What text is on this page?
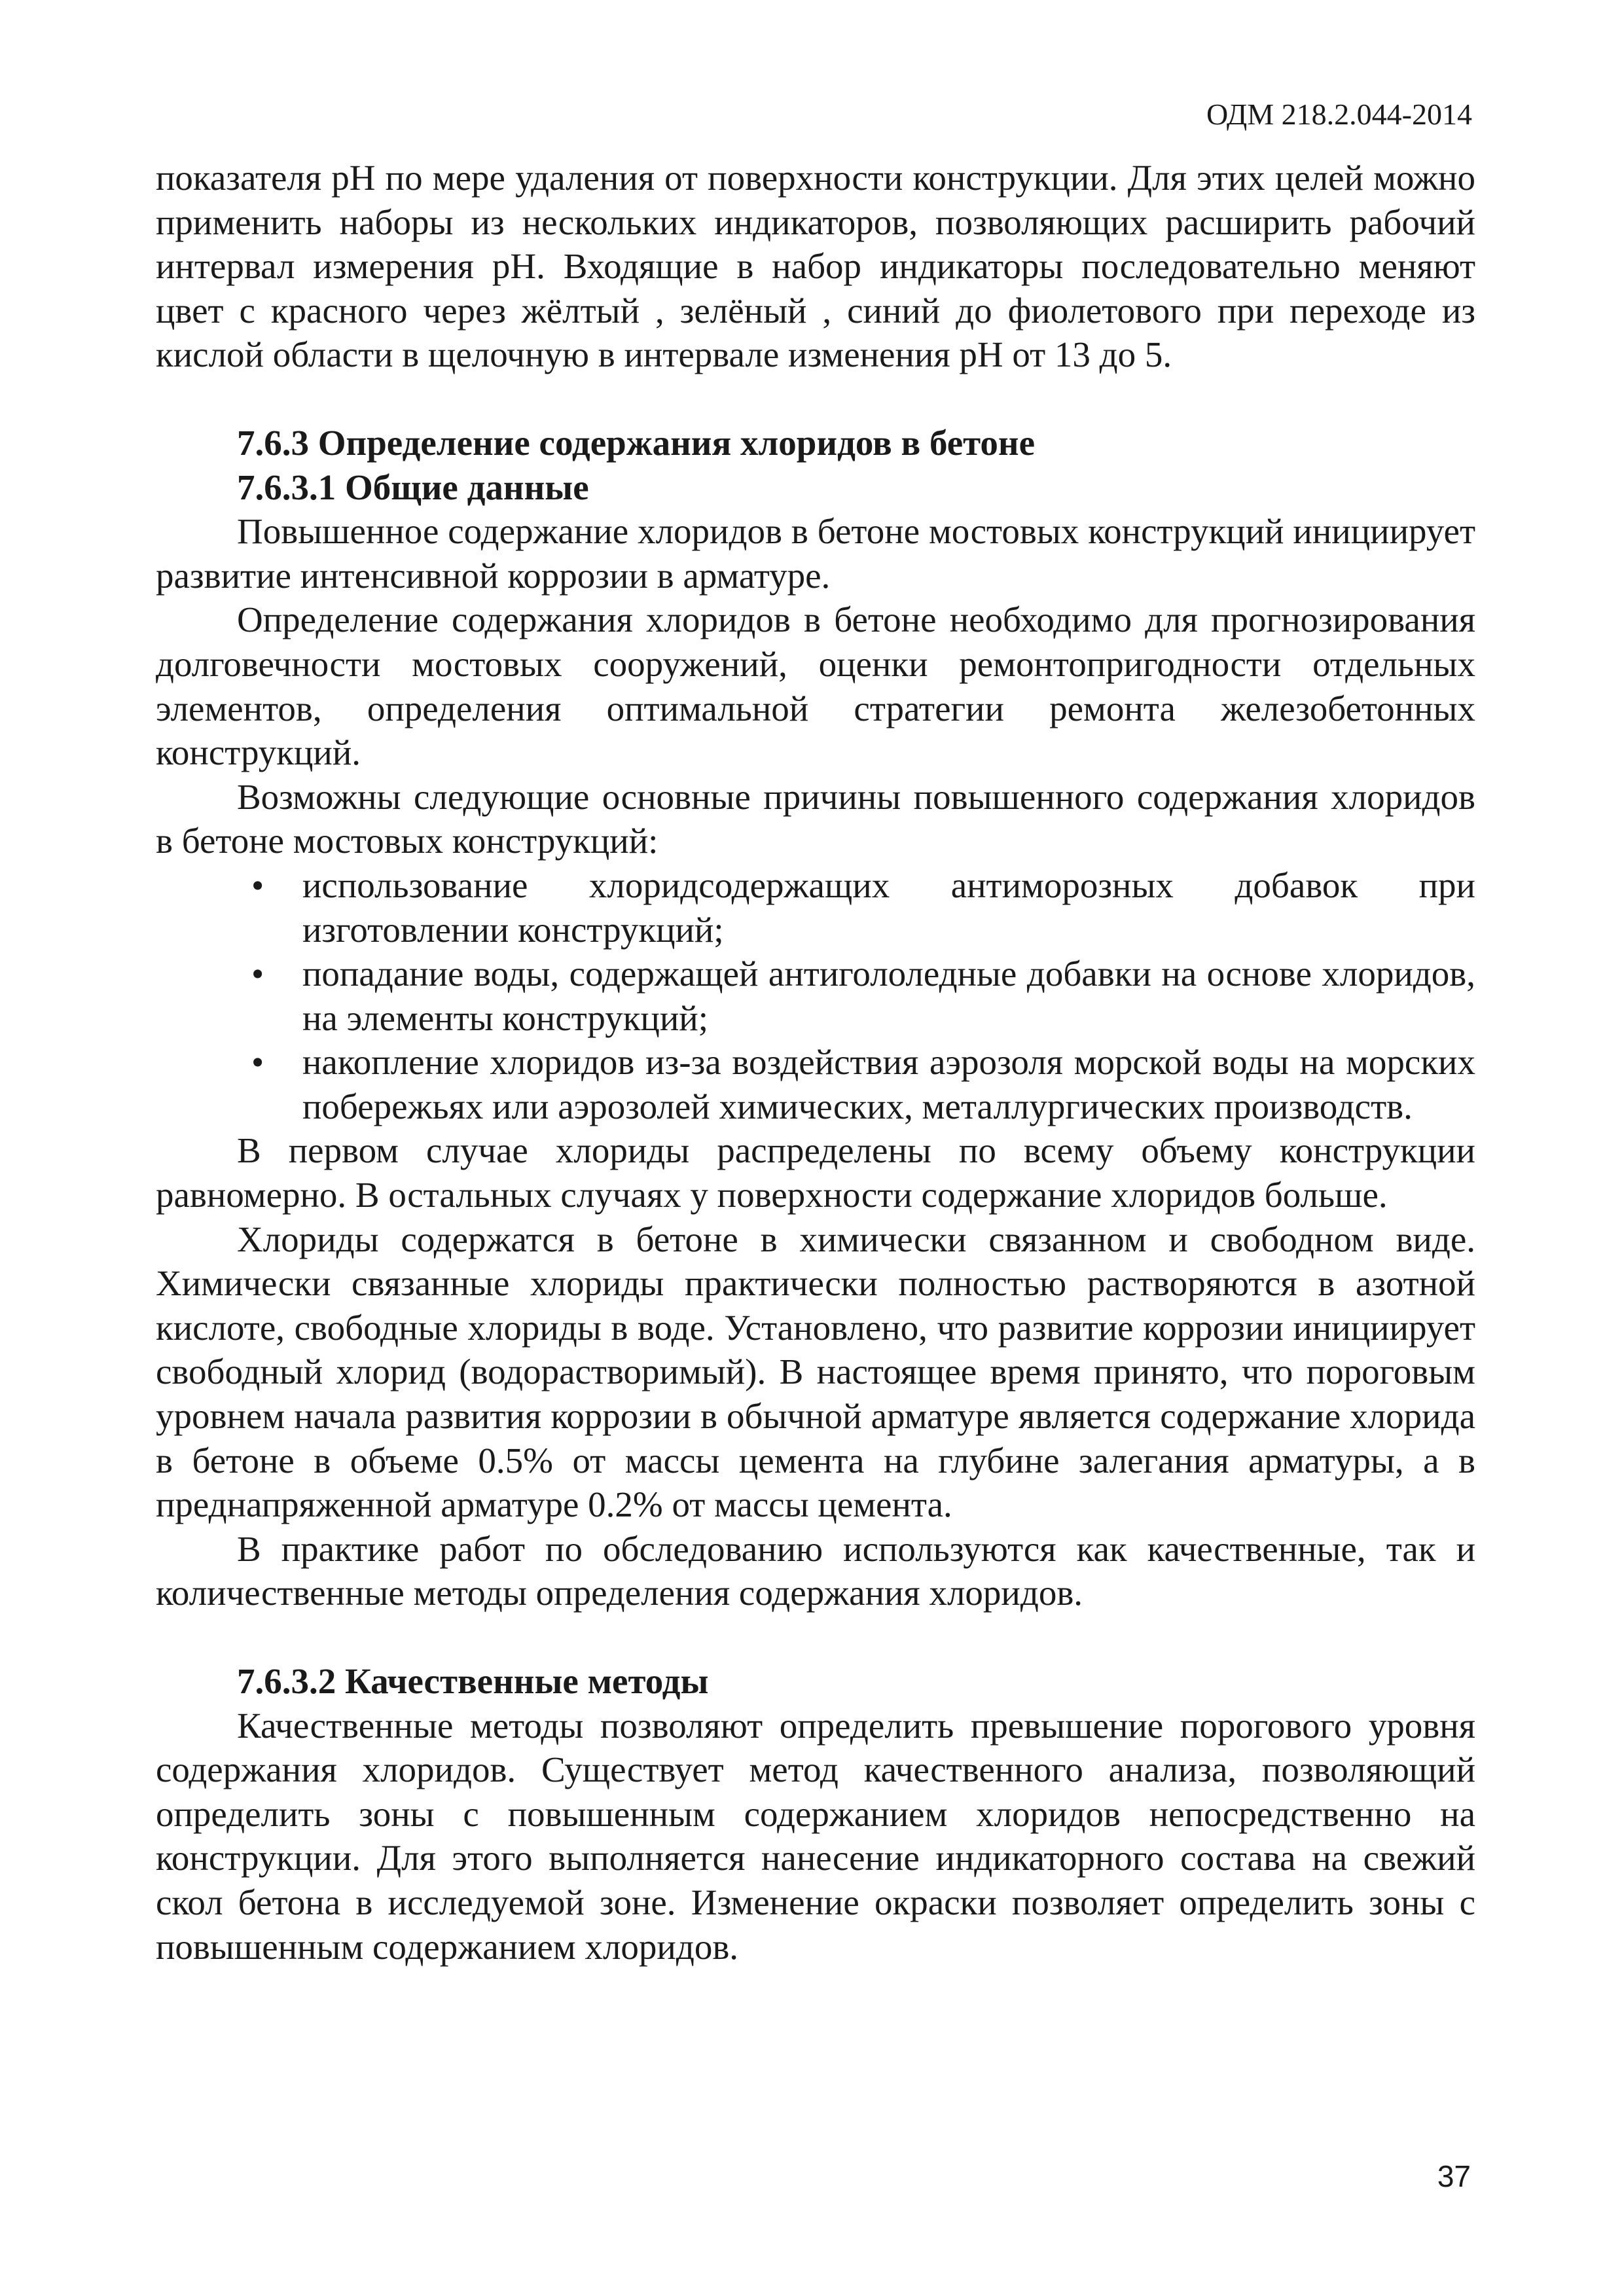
ОДМ 218.2.044-2014

показателя pH по мере удаления от поверхности конструкции. Для этих целей можно применить наборы из нескольких индикаторов, позволяющих расширить рабочий интервал измерения pH. Входящие в набор индикаторы последовательно меняют цвет с красного через жёлтый , зелёный , синий до фиолетового при переходе из кислой области в щелочную в интервале изменения pH от 13 до 5.

7.6.3 Определение содержания хлоридов в бетоне

7.6.3.1 Общие данные

Повышенное содержание хлоридов в бетоне мостовых конструкций инициирует развитие интенсивной коррозии в арматуре.

Определение содержания хлоридов в бетоне необходимо для прогнозирования долговечности мостовых сооружений, оценки ремонтопригодности отдельных элементов, определения оптимальной стратегии ремонта железобетонных конструкций.

Возможны следующие основные причины повышенного содержания хлоридов в бетоне мостовых конструкций:

• использование хлоридсодержащих антиморозных добавок при изготовлении конструкций;
• попадание воды, содержащей антигололедные добавки на основе хлоридов, на элементы конструкций;
• накопление хлоридов из-за воздействия аэрозоля морской воды на морских побережьях или аэрозолей химических, металлургических производств.

В первом случае хлориды распределены по всему объему конструкции равномерно. В остальных случаях у поверхности содержание хлоридов больше.

Хлориды содержатся в бетоне в химически связанном и свободном виде. Химически связанные хлориды практически полностью растворяются в азотной кислоте, свободные хлориды в воде. Установлено, что развитие коррозии инициирует свободный хлорид (водорастворимый). В настоящее время принято, что пороговым уровнем начала развития коррозии в обычной арматуре является содержание хлорида в бетоне в объеме 0.5% от массы цемента на глубине залегания арматуры, а в преднапряженной арматуре 0.2% от массы цемента.

В практике работ по обследованию используются как качественные, так и количественные методы определения содержания хлоридов.

7.6.3.2 Качественные методы

Качественные методы позволяют определить превышение порогового уровня содержания хлоридов. Существует метод качественного анализа, позволяющий определить зоны с повышенным содержанием хлоридов непосредственно на конструкции. Для этого выполняется нанесение индикаторного состава на свежий скол бетона в исследуемой зоне. Изменение окраски позволяет определить зоны с повышенным содержанием хлоридов.

37
